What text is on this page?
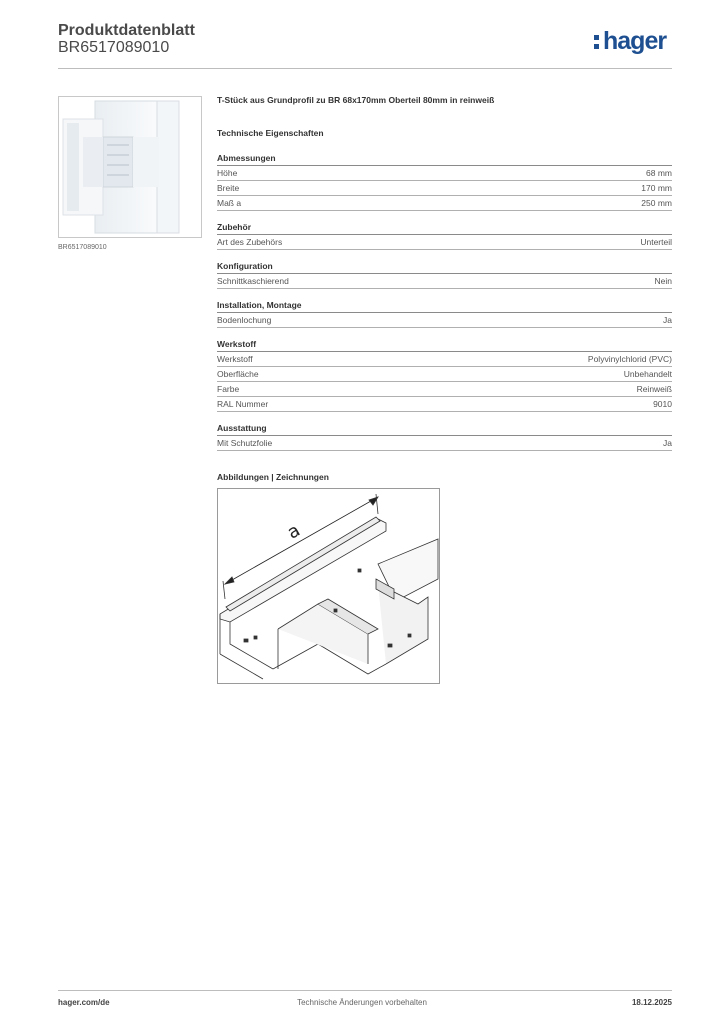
Produktdatenblatt
BR6517089010	hager
BR6517089010
T-Stück aus Grundprofil zu BR 68x170mm Oberteil 80mm in reinweiß
Technische Eigenschaften
Abmessungen
Höhe	68 mm
Breite	170 mm
Maß a	250 mm
Zubehör
Art des Zubehörs	Unterteil
Konfiguration
Schnittkaschierend	Nein
Installation, Montage
Bodenlochung	Ja
Werkstoff
Werkstoff	Polyvinylchlorid (PVC)
Oberfläche	Unbehandelt
Farbe	Reinweiß
RAL Nummer	9010
Ausstattung
Mit Schutzfolie	Ja
Abbildungen | Zeichnungen
a
hager.com/de	Technische Änderungen vorbehalten	18.12.2025
